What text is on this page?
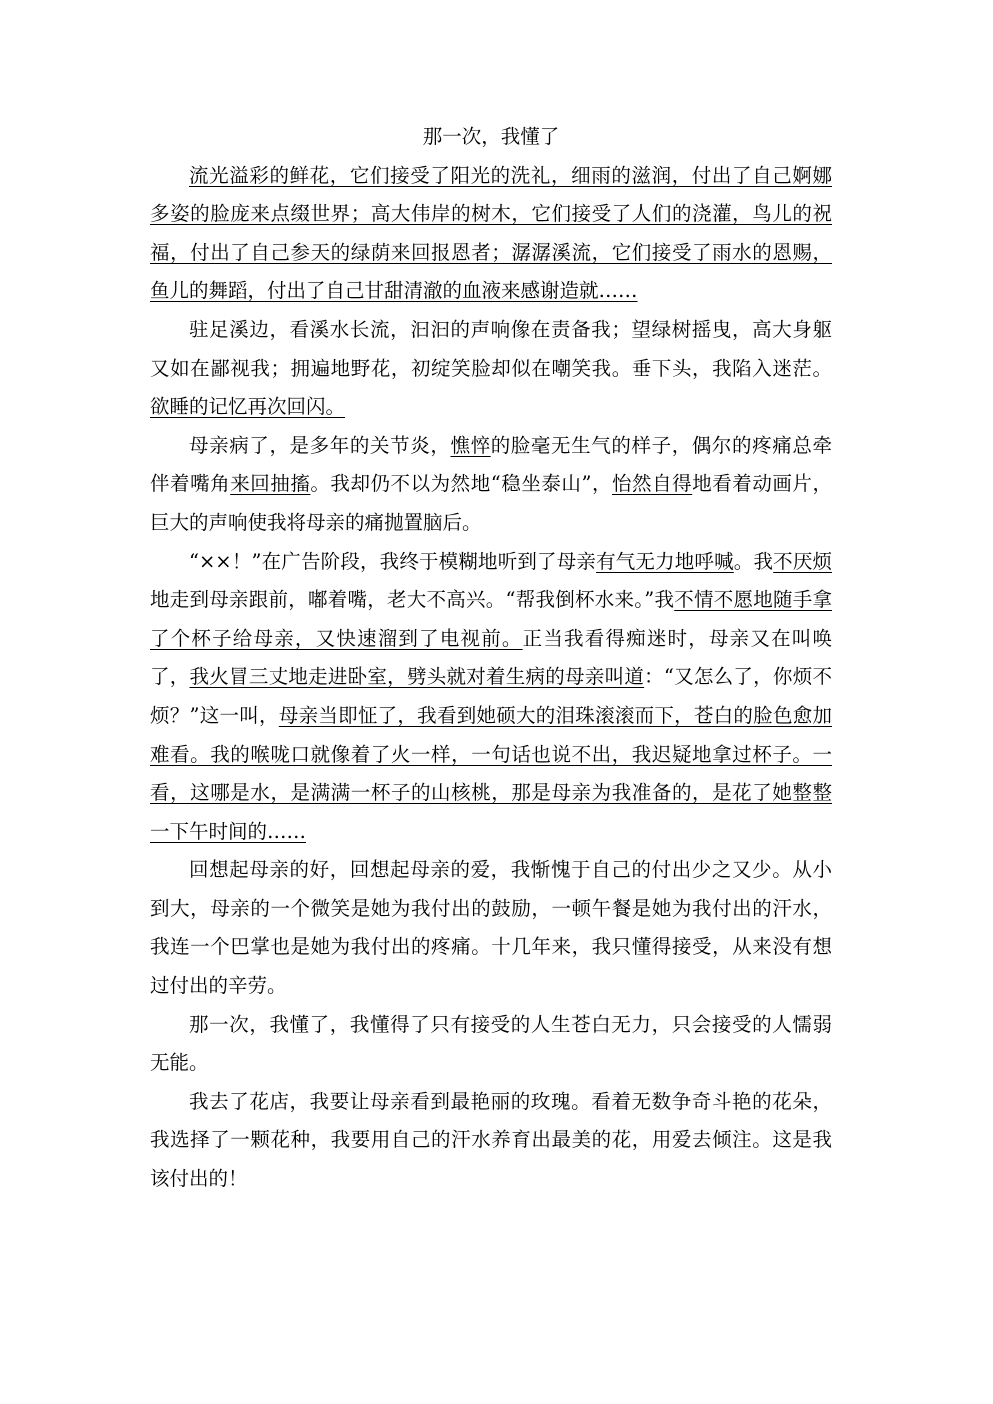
那一次，我懂了

流光溢彩的鲜花，它们接受了阳光的洗礼，细雨的滋润，付出了自己婀娜多姿的脸庞来点缀世界；高大伟岸的树木，它们接受了人们的浇灌，鸟儿的祝福，付出了自己参天的绿荫来回报恩者；潺潺溪流，它们接受了雨水的恩赐，鱼儿的舞蹈，付出了自己甘甜清澈的血液来感谢造就……

驻足溪边，看溪水长流，汩汩的声响像在责备我；望绿树摇曳，高大身躯又如在鄙视我；拥遍地野花，初绽笑脸却似在嘲笑我。垂下头，我陷入迷茫。欲睡的记忆再次回闪。

母亲病了，是多年的关节炎，憔悴的脸毫无生气的样子，偶尔的疼痛总牵伴着嘴角来回抽搐。我却仍不以为然地“稳坐泰山”，怡然自得地看着动画片，巨大的声响使我将母亲的痛抛置脑后。

“××！”在广告阶段，我终于模糊地听到了母亲有气无力地呼喊。我不厌烦地走到母亲跟前，嘟着嘴，老大不高兴。“帮我倒杯水来。”我不情不愿地随手拿了个杯子给母亲，又快速溜到了电视前。正当我看得痴迷时，母亲又在叫唤了，我火冒三丈地走进卧室，劈头就对着生病的母亲叫道：“又怎么了，你烦不烦？”这一叫，母亲当即怔了，我看到她硕大的泪珠滚滚而下，苍白的脸色愈加难看。我的喉咙口就像着了火一样，一句话也说不出，我迟疑地拿过杯子。一看，这哪是水，是满满一杯子的山核桃，那是母亲为我准备的，是花了她整整一下午时间的……

回想起母亲的好，回想起母亲的爱，我惭愧于自己的付出少之又少。从小到大，母亲的一个微笑是她为我付出的鼓励，一顿午餐是她为我付出的汗水，我连一个巴掌也是她为我付出的疼痛。十几年来，我只懂得接受，从来没有想过付出的辛劳。

那一次，我懂了，我懂得了只有接受的人生苍白无力，只会接受的人懦弱无能。

我去了花店，我要让母亲看到最艳丽的玫瑰。看着无数争奇斗艳的花朵，我选择了一颗花种，我要用自己的汗水养育出最美的花，用爱去倾注。这是我该付出的！
